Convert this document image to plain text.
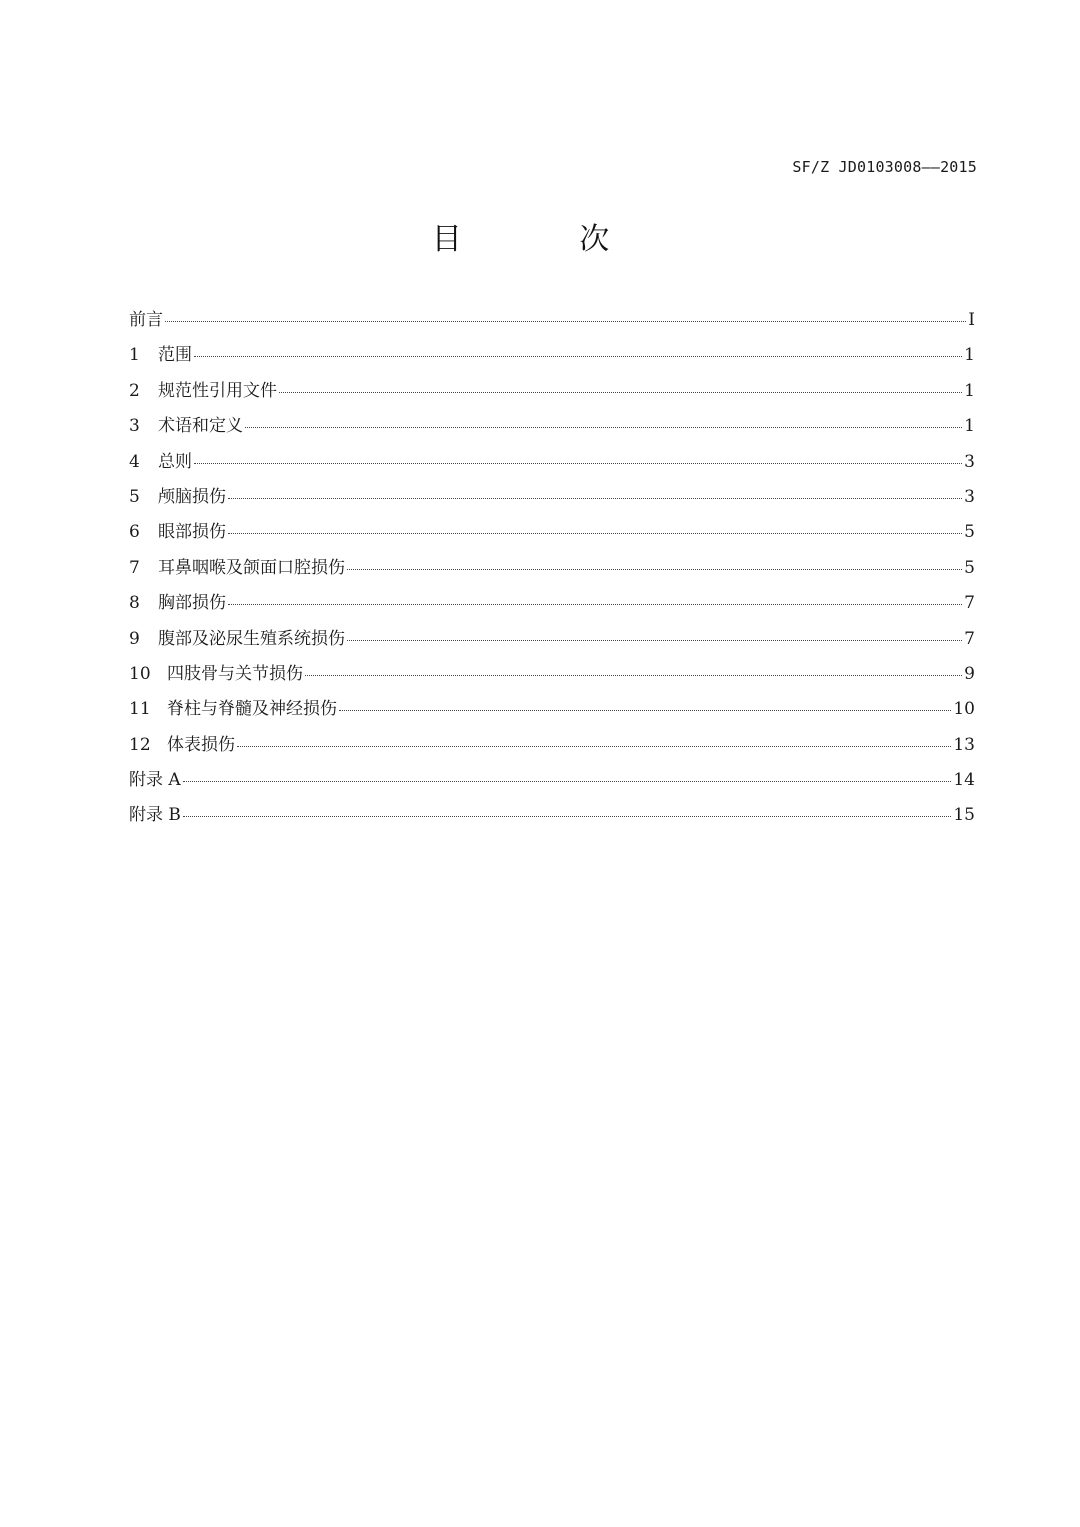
SF/Z JD0103008——2015
目 次
前言	I
1	范围	1
2	规范性引用文件	1
3	术语和定义	1
4	总则	3
5	颅脑损伤	3
6	眼部损伤	5
7	耳鼻咽喉及颌面口腔损伤	5
8	胸部损伤	7
9	腹部及泌尿生殖系统损伤	7
10 四肢骨与关节损伤	9
11 脊柱与脊髓及神经损伤	10
12 体表损伤	13
附录 A	14
附录 B	15
